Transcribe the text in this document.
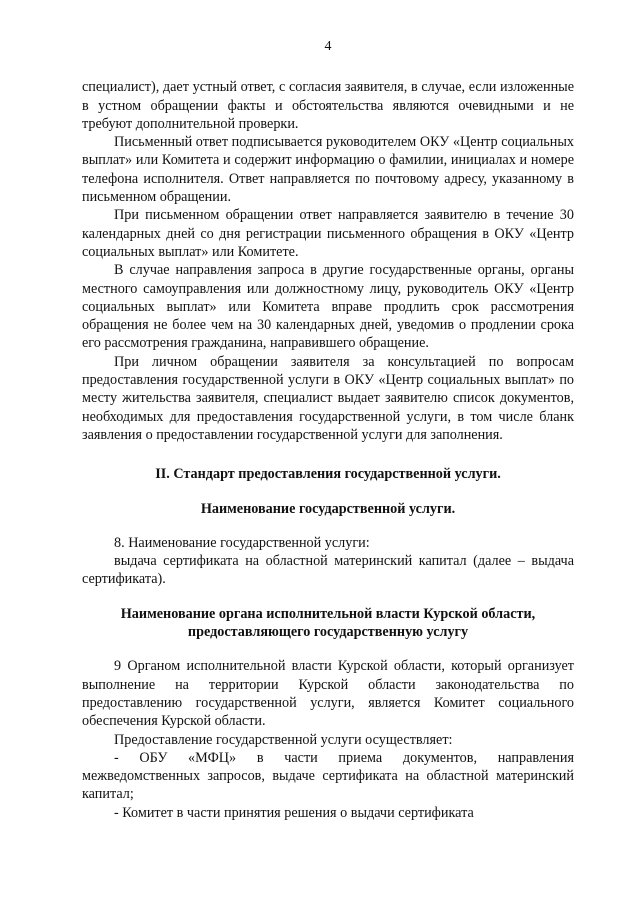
4

специалист), дает устный ответ, с согласия заявителя, в случае, если изложенные в устном обращении факты и обстоятельства являются очевидными и не требуют дополнительной проверки.

Письменный ответ подписывается руководителем ОКУ «Центр социальных выплат» или Комитета и содержит информацию о фамилии, инициалах и номере телефона исполнителя. Ответ направляется по почтовому адресу, указанному в письменном обращении.

При письменном обращении ответ направляется заявителю в течение 30 календарных дней со дня регистрации письменного обращения в ОКУ «Центр социальных выплат» или Комитете.

В случае направления запроса в другие государственные органы, органы местного самоуправления или должностному лицу, руководитель ОКУ «Центр социальных выплат» или Комитета вправе продлить срок рассмотрения обращения не более чем на 30 календарных дней, уведомив о продлении срока его рассмотрения гражданина, направившего обращение.

При личном обращении заявителя за консультацией по вопросам предоставления государственной услуги в ОКУ «Центр социальных выплат» по месту жительства заявителя, специалист выдает заявителю список документов, необходимых для предоставления государственной услуги, в том числе бланк заявления о предоставлении государственной услуги для заполнения.

II. Стандарт предоставления государственной услуги.
Наименование государственной услуги.

8. Наименование государственной услуги:

выдача сертификата на областной материнский капитал (далее – выдача сертификата).

Наименование органа исполнительной власти Курской области,
предоставляющего государственную услугу

9 Органом исполнительной власти Курской области, который организует выполнение на территории Курской области законодательства по предоставлению государственной услуги, является Комитет социального обеспечения Курской области.

Предоставление государственной услуги осуществляет:

- ОБУ «МФЦ» в части приема документов, направления межведомственных запросов, выдаче сертификата на областной материнский капитал;

- Комитет в части принятия решения о выдачи сертификата
